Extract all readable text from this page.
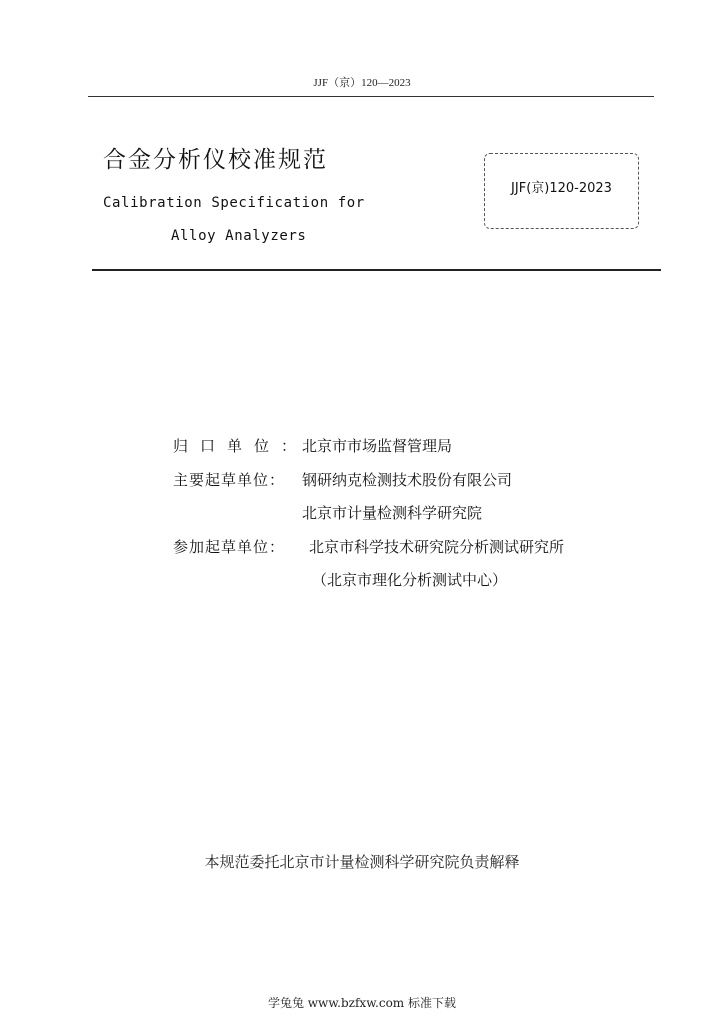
JJF（京）120—2023
合金分析仪校准规范
Calibration Specification for
Alloy Analyzers
JJF(京)120-2023
归口单位：
北京市市场监督管理局
主要起草单位： 钢研纳克检测技术股份有限公司
北京市计量检测科学研究院
参加起草单位： 北京市科学技术研究院分析测试研究所
（北京市理化分析测试中心）
本规范委托北京市计量检测科学研究院负责解释
学兔兔 www.bzfxw.com 标准下载
